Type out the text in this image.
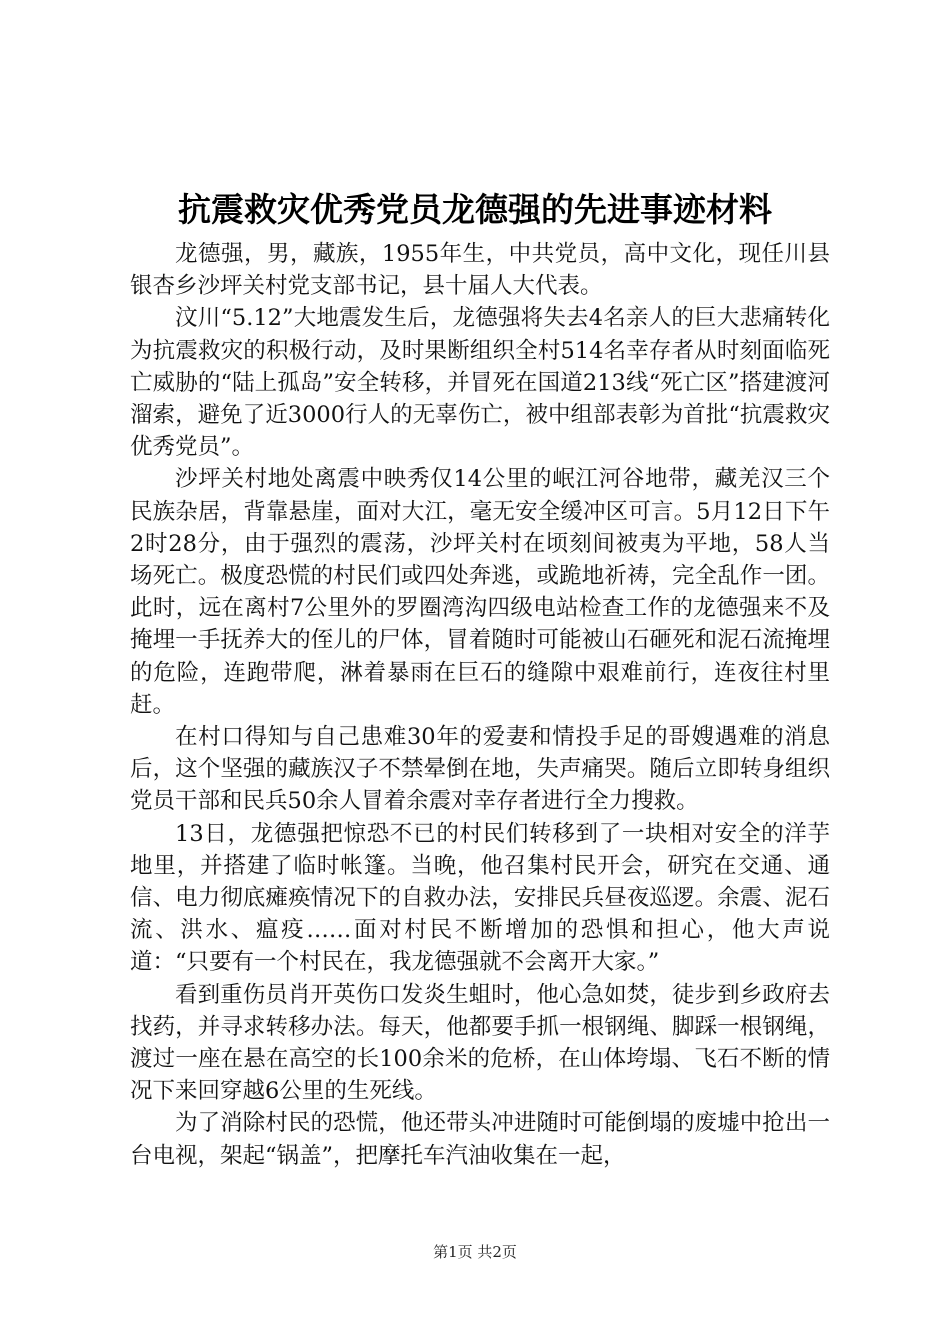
抗震救灾优秀党员龙德强的先进事迹材料

龙德强，男，藏族，1955年生，中共党员，高中文化，现任川县银杏乡沙坪关村党支部书记，县十届人大代表。

汶川“5.12”大地震发生后，龙德强将失去4名亲人的巨大悲痛转化为抗震救灾的积极行动，及时果断组织全村514名幸存者从时刻面临死亡威胁的“陆上孤岛”安全转移，并冒死在国道213线“死亡区”搭建渡河溜索，避免了近3000行人的无辜伤亡，被中组部表彰为首批“抗震救灾优秀党员”。

沙坪关村地处离震中映秀仅14公里的岷江河谷地带，藏羌汉三个民族杂居，背靠悬崖，面对大江，毫无安全缓冲区可言。5月12日下午2时28分，由于强烈的震荡，沙坪关村在顷刻间被夷为平地，58人当场死亡。极度恐慌的村民们或四处奔逃，或跪地祈祷，完全乱作一团。此时，远在离村7公里外的罗圈湾沟四级电站检查工作的龙德强来不及掩埋一手抚养大的侄儿的尸体，冒着随时可能被山石砸死和泥石流掩埋的危险，连跑带爬，淋着暴雨在巨石的缝隙中艰难前行，连夜往村里赶。

在村口得知与自己患难30年的爱妻和情投手足的哥嫂遇难的消息后，这个坚强的藏族汉子不禁晕倒在地，失声痛哭。随后立即转身组织党员干部和民兵50余人冒着余震对幸存者进行全力搜救。

13日，龙德强把惊恐不已的村民们转移到了一块相对安全的洋芋地里，并搭建了临时帐篷。当晚，他召集村民开会，研究在交通、通信、电力彻底瘫痪情况下的自救办法，安排民兵昼夜巡逻。余震、泥石流、洪水、瘟疫……面对村民不断增加的恐惧和担心，他大声说道：“只要有一个村民在，我龙德强就不会离开大家。”

看到重伤员肖开英伤口发炎生蛆时，他心急如焚，徒步到乡政府去找药，并寻求转移办法。每天，他都要手抓一根钢绳、脚踩一根钢绳，渡过一座在悬在高空的长100余米的危桥，在山体垮塌、飞石不断的情况下来回穿越6公里的生死线。

为了消除村民的恐慌，他还带头冲进随时可能倒塌的废墟中抢出一台电视，架起“锅盖”，把摩托车汽油收集在一起，

第1页 共2页
